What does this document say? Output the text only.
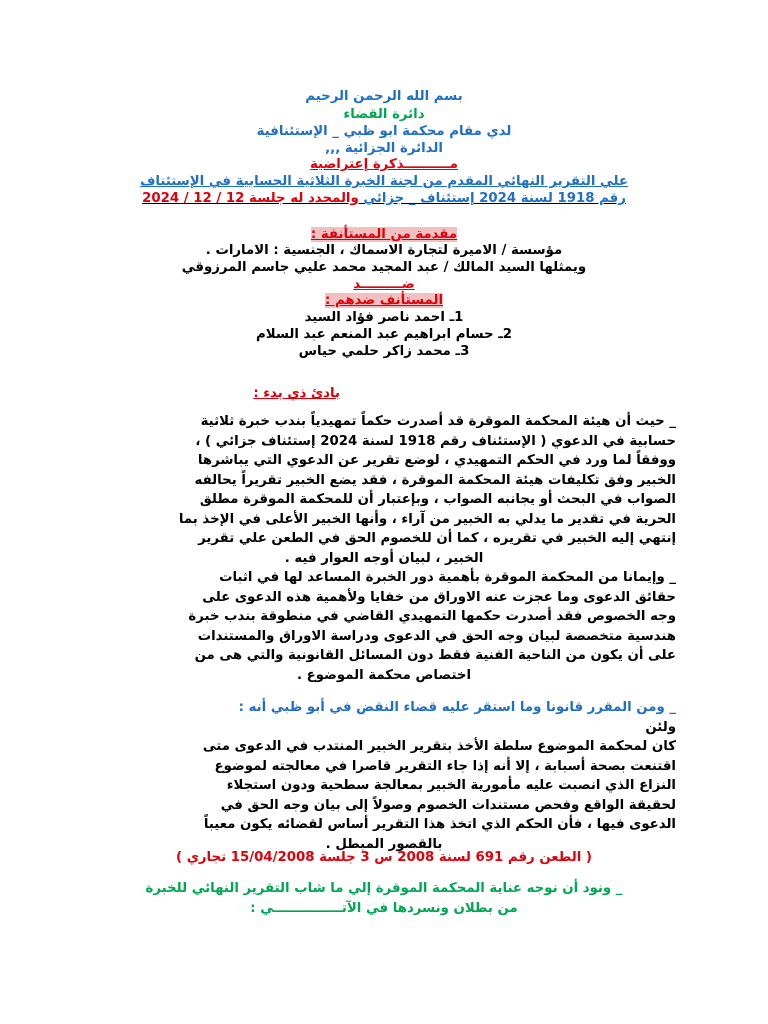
بسم الله الرحمن الرحيم
دائرة القضاء
لدي مقام محكمة ابو ظبي _ الإستئنافية
الدائرة الجزائية ,,,
مــــــــــذكرة إعتراضية
علي التقرير النهائي المقدم من لجنة الخبرة الثلاثية الحسابية في الإستئناف
رقم 1918 لسنة 2024 إستئناف _ جزائي والمحدد له جلسة 12 / 12 / 2024
مقدمة من المستأنفة :
مؤسسة / الاميرة لتجارة الاسماك ، الجنسية : الامارات .
ويمثلها السيد المالك / عبد المجيد محمد عليي جاسم المرزوقي
ضـــــــــد
المستأنف ضدهم :
1ـ احمد ناصر فؤاد السيد
2ـ حسام ابراهيم عبد المنعم عبد السلام
3ـ محمد زاكر حلمي حياس
بادئ ذي بدء :
_ حيث أن هيئة المحكمة الموقرة قد أصدرت حكماً تمهيدياً بندب خبرة ثلاثية
حسابية في الدعوي ( الإستئناف رقم 1918 لسنة 2024 إستئناف جزائي ) ،
ووفقاً لما ورد في الحكم التمهيدي ، لوضع تقرير عن الدعوي التي يباشرها
الخبير وفق تكليفات هيئة المحكمة الموقرة ، فقد يضع الخبير تقريراً يحالفه
الصواب في البحث أو يجانبه الصواب ، وبإعتبار أن للمحكمة الموقرة مطلق
الحرية في تقدير ما يدلي به الخبير من آراء ، وأنها الخبير الأعلى في الإخذ بما
إنتهي إليه الخبير في تقريره ، كما أن للخصوم الحق في الطعن علي تقرير
الخبير ، لبيان أوجه العوار فيه .
_ وإيمانا من المحكمة الموقرة بأهمية دور الخبرة المساعد لها في اثبات
حقائق الدعوى وما عجزت عنه الاوراق من خفايا ولأهمية هذه الدعوى على
وجه الخصوص فقد أصدرت حكمها التمهيدي القاضي في منطوقة بندب خبرة
هندسية متخصصة لبيان وجه الحق في الدعوى ودراسة الاوراق والمستندات
على أن يكون من الناحية الفنية فقط دون المسائل القانونية والتي هى من
اختصاص محكمة الموضوع .
_ ومن المقرر قانونا وما استقر عليه قضاء النقض في أبو ظبي أنه :
ولئن
كان لمحكمة الموضوع سلطة الأخذ بتقرير الخبير المنتدب في الدعوى متى
اقتنعت بصحة أسبابة ، إلا أنه إذا جاء التقرير قاصرا في معالجته لموضوع
النزاع الذي انصبت عليه مأمورية الخبير بمعالجة سطحية ودون استجلاء
لحقيقة الواقع وفحص مستندات الخصوم وصولاً إلى بيان وجه الحق في
الدعوى فيها ، فأن الحكم الذي اتخذ هذا التقرير أساس لقضائه يكون معيباً
بالقصور المبطل .
( الطعن رقم 691 لسنة 2008 س 3 جلسة 15/04/2008 تجاري )
_ ونود أن نوجه عناية المحكمة الموقرة إلي ما شاب التقرير النهائي للخبرة
من بطلان ونسردها في الآتـــــــــــــــي :
